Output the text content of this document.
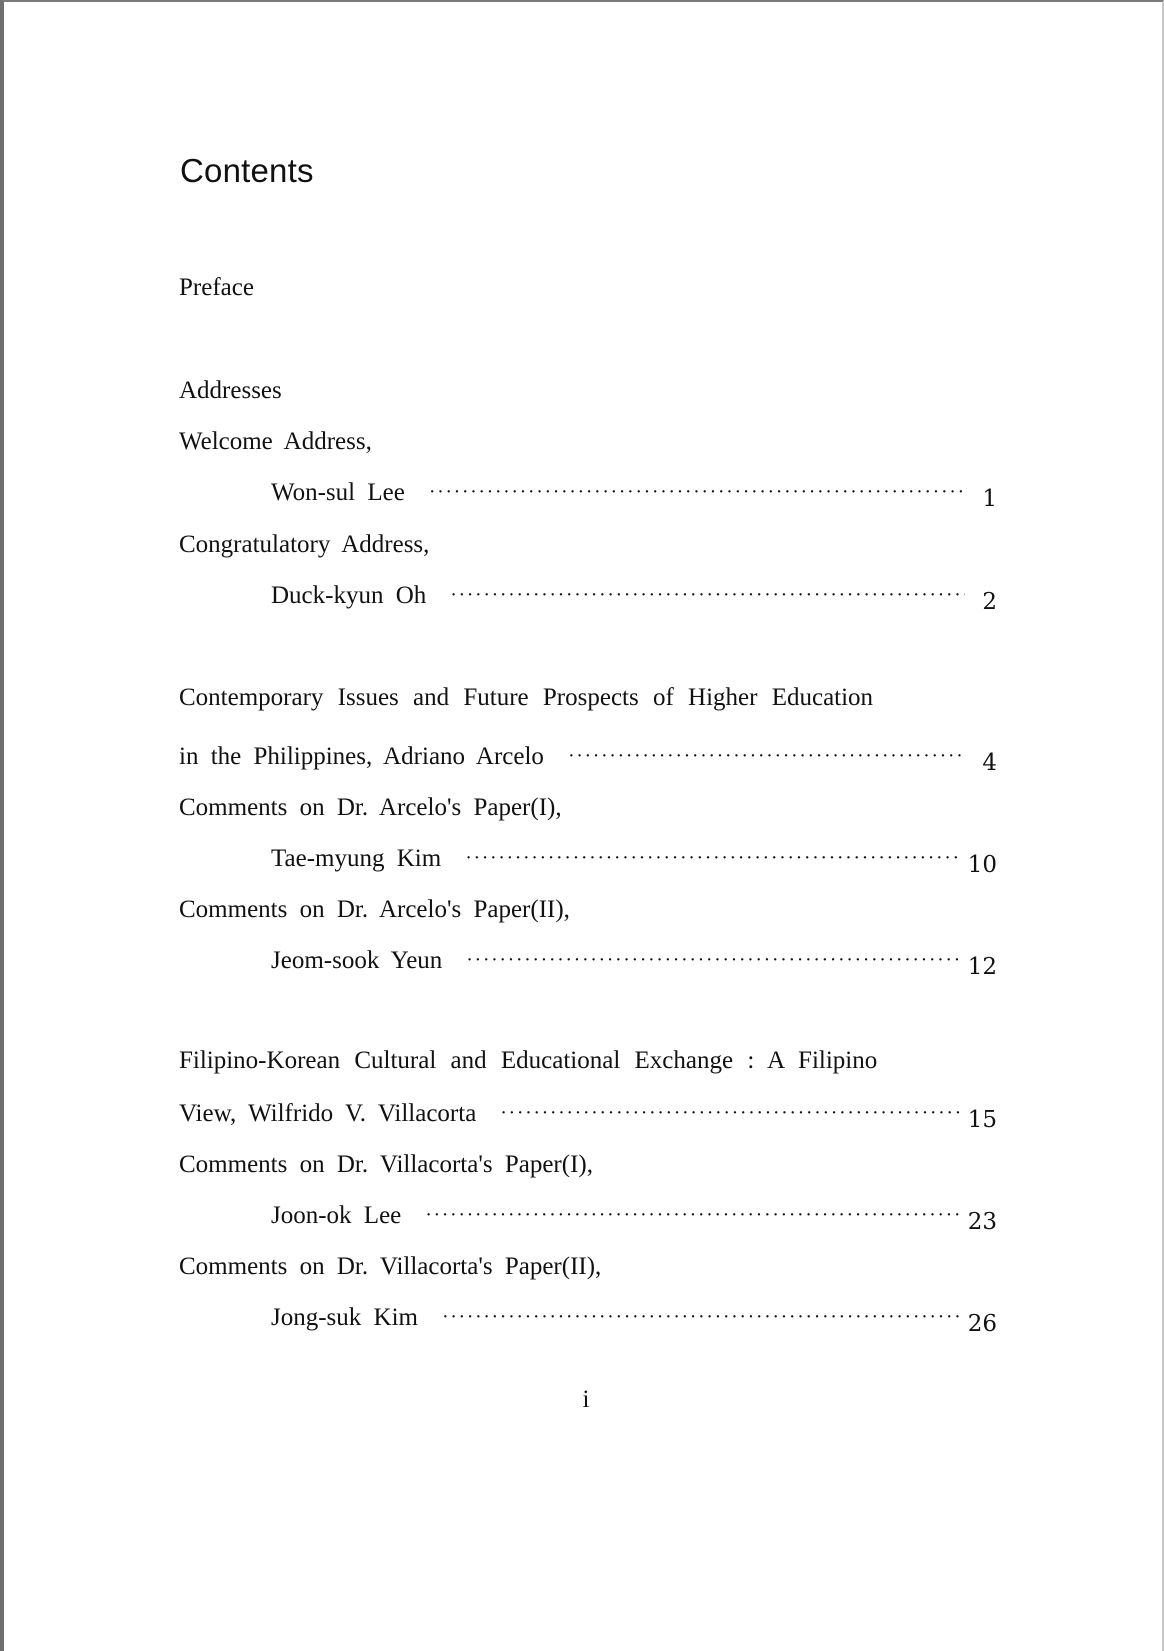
Contents
Preface
Addresses
Welcome Address,
Won-sul Lee ·····	1
Congratulatory Address,
Duck-kyun Oh ·····	2
Contemporary Issues and Future Prospects of Higher Education
in the Philippines, Adriano Arcelo ·····	4
Comments on Dr. Arcelo's Paper(I),
Tae-myung Kim ·····	10
Comments on Dr. Arcelo's Paper(II),
Jeom-sook Yeun ·····	12
Filipino-Korean Cultural and Educational Exchange : A Filipino
View, Wilfrido V. Villacorta ·····	15
Comments on Dr. Villacorta's Paper(I),
Joon-ok Lee ·····	23
Comments on Dr. Villacorta's Paper(II),
Jong-suk Kim ·····	26
i
